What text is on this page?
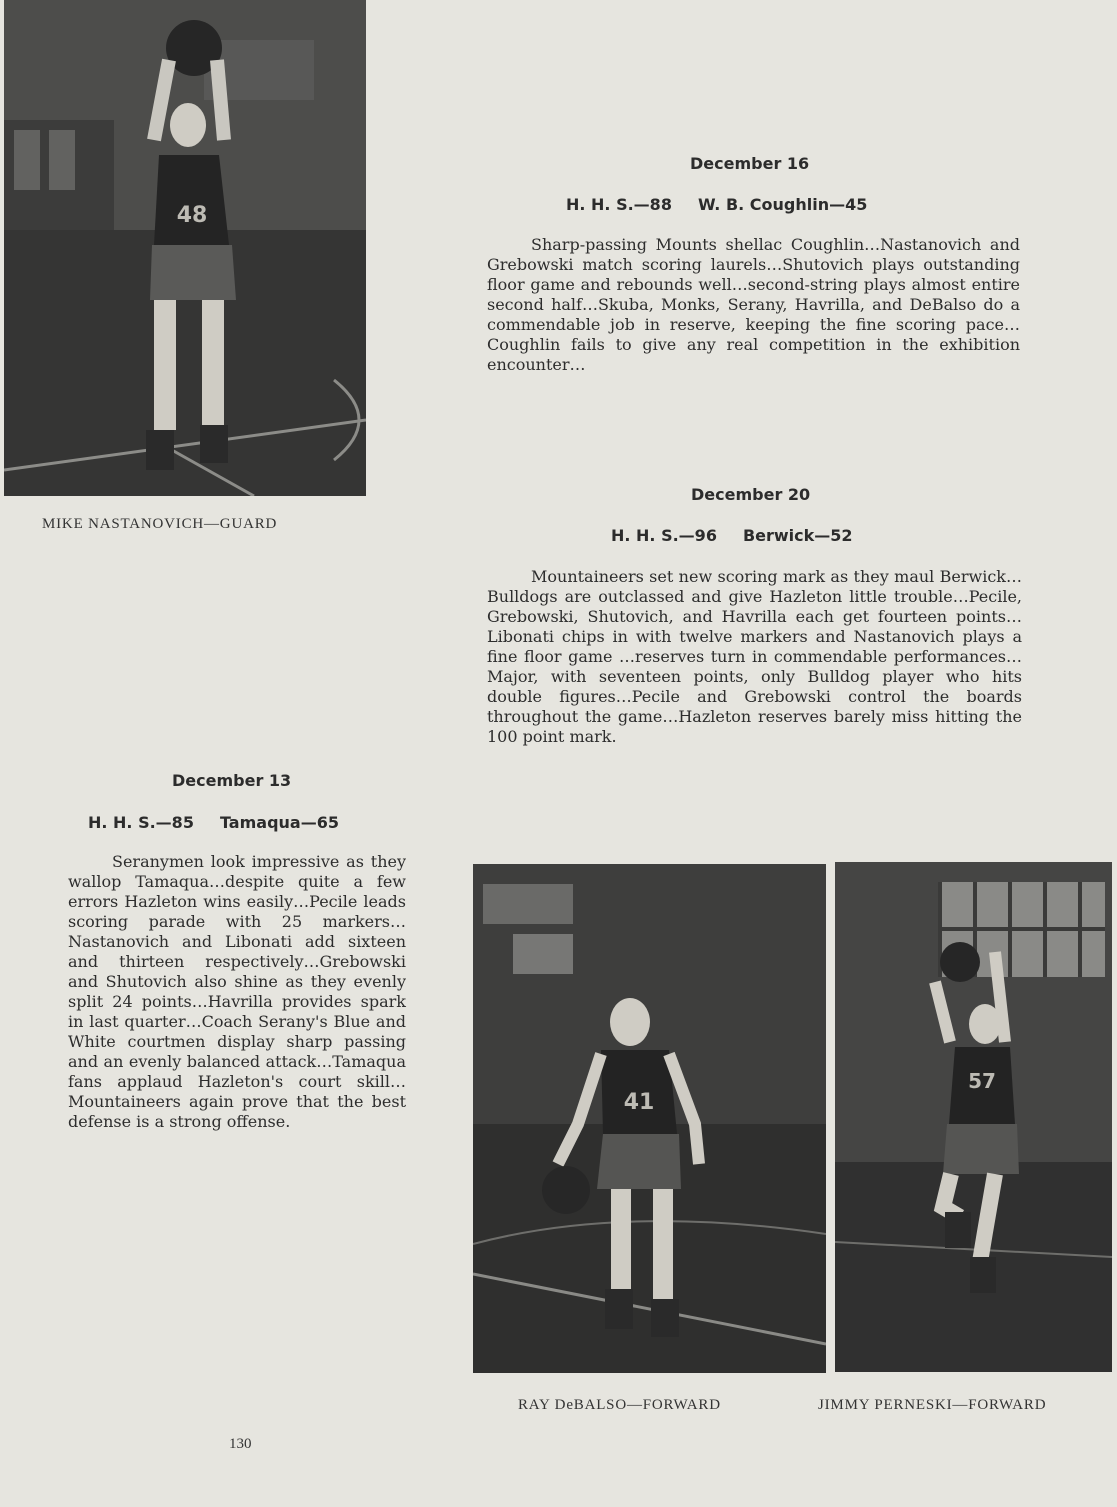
48
MIKE NASTANOVICH—GUARD
December 16
H. H. S.—88 W. B. Coughlin—45

Sharp-passing Mounts shellac Coughlin…Nastanovich and Grebowski match scoring laurels…Shutovich plays outstanding floor game and rebounds well…second-string plays almost entire second half…Skuba, Monks, Serany, Havrilla, and DeBalso do a commendable job in reserve, keeping the fine scoring pace…Coughlin fails to give any real competition in the exhibition encounter…

December 20
H. H. S.—96 Berwick—52

Mountaineers set new scoring mark as they maul Berwick…Bulldogs are outclassed and give Hazleton little trouble…Pecile, Grebowski, Shutovich, and Havrilla each get fourteen points…Libonati chips in with twelve markers and Nastanovich plays a fine floor game …reserves turn in commendable performances…Major, with seventeen points, only Bulldog player who hits double figures…Pecile and Grebowski control the boards throughout the game…Hazleton reserves barely miss hitting the 100 point mark.

December 13
H. H. S.—85 Tamaqua—65

Seranymen look impressive as they wallop Tamaqua…despite quite a few errors Hazleton wins easily…Pecile leads scoring parade with 25 markers…Nastanovich and Libonati add sixteen and thirteen respectively…Grebowski and Shutovich also shine as they evenly split 24 points…Havrilla provides spark in last quarter…Coach Serany's Blue and White courtmen display sharp passing and an evenly balanced attack…Tamaqua fans applaud Hazleton's court skill…Mountaineers again prove that the best defense is a strong offense.

41
RAY DeBALSO—FORWARD
57
JIMMY PERNESKI—FORWARD
130
